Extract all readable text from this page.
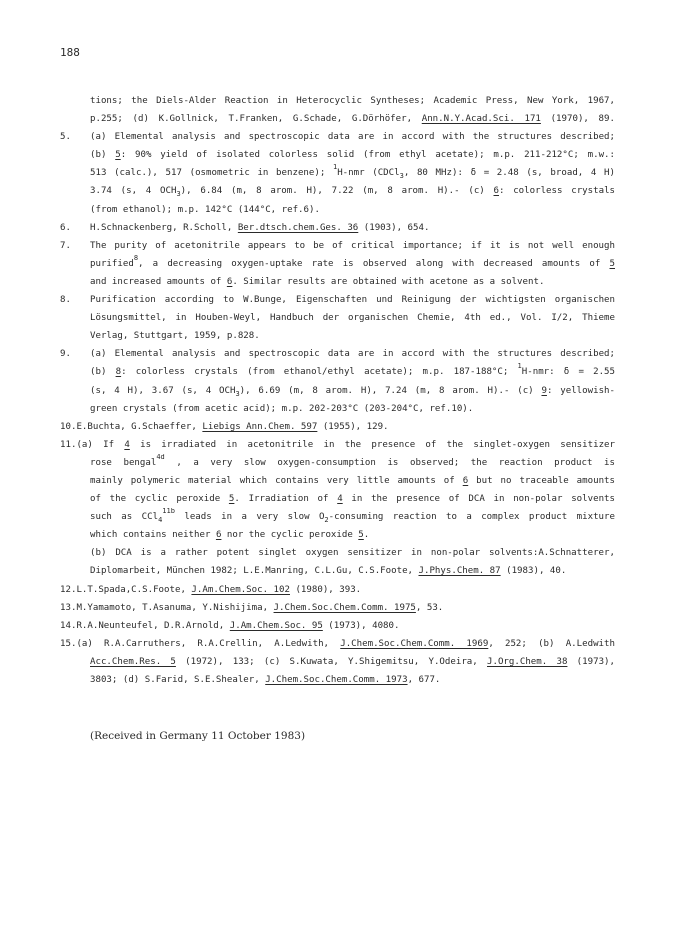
188
tions; the Diels-Alder Reaction in Heterocyclic Syntheses; Academic Press, New York, 1967,
p.255; (d) K.Gollnick, T.Franken, G.Schade, G.Dörhöfer, Ann.N.Y.Acad.Sci. 171 (1970), 89.
5.	(a) Elemental analysis and spectroscopic data are in accord with the structures described;
(b) 5: 90% yield of isolated colorless solid (from ethyl acetate); m.p. 211-212°C; m.w.:
513 (calc.), 517 (osmometric in benzene); $^1$H-nmr (CDCl$_3$, 80 MHz): δ = 2.48 (s, broad, 4 H)
3.74 (s, 4 $OCH_3$), 6.84 (m, 8 arom. H), 7.22 (m, 8 arom. H).- (c) 6: colorless crystals
(from ethanol); m.p. 142°C (144°C, ref.6).
6.	H.Schnackenberg, R.Scholl, Ber.dtsch.chem.Ges. 36 (1903), 654.
7.	The purity of acetonitrile appears to be of critical importance; if it is not well enough
purified$^8$, a decreasing oxygen-uptake rate is observed along with decreased amounts of 5
and increased amounts of 6. Similar results are obtained with acetone as a solvent.
8.	Purification according to W.Bunge, Eigenschaften und Reinigung der wichtigsten organischen
Lösungsmittel, in Houben-Weyl, Handbuch der organischen Chemie, 4th ed., Vol. I/2, Thieme
Verlag, Stuttgart, 1959, p.828.
9.	(a) Elemental analysis and spectroscopic data are in accord with the structures described;
(b) 8: colorless crystals (from ethanol/ethyl acetate); m.p. 187-188°C; $^1$H-nmr: δ = 2.55
(s, 4 H), 3.67 (s, 4 $OCH_3$), 6.69 (m, 8 arom. H), 7.24 (m, 8 arom. H).- (c) 9: yellowish-
green crystals (from acetic acid); m.p. 202-203°C (203-204°C, ref.10).
10. E.Buchta, G.Schaeffer, Liebigs Ann.Chem. 597 (1955), 129.
11. (a) If 4 is irradiated in acetonitrile in the presence of the singlet-oxygen sensitizer
rose bengal$^{4d}$ , a very slow oxygen-consumption is observed; the reaction product is
mainly polymeric material which contains very little amounts of 6 but no traceable amounts
of the cyclic peroxide 5. Irradiation of 4 in the presence of DCA in non-polar solvents
such as CCl$_4^{11b}$ leads in a very slow $O_2$-consuming reaction to a complex product mixture
which contains neither 6 nor the cyclic peroxide 5.
(b) DCA is a rather potent singlet oxygen sensitizer in non-polar solvents:A.Schnatterer,
Diplomarbeit, München 1982; L.E.Manring, C.L.Gu, C.S.Foote, J.Phys.Chem. 87 (1983), 40.
12. L.T.Spada,C.S.Foote, J.Am.Chem.Soc. 102 (1980), 393.
13. M.Yamamoto, T.Asanuma, Y.Nishijima, J.Chem.Soc.Chem.Comm. 1975, 53.
14. R.A.Neunteufel, D.R.Arnold, J.Am.Chem.Soc. 95 (1973), 4080.
15. (a) R.A.Carruthers, R.A.Crellin, A.Ledwith, J.Chem.Soc.Chem.Comm. 1969, 252; (b) A.Ledwith
Acc.Chem.Res. 5 (1972), 133; (c) S.Kuwata, Y.Shigemitsu, Y.Odeira, J.Org.Chem. 38 (1973),
3803; (d) S.Farid, S.E.Shealer, J.Chem.Soc.Chem.Comm. 1973, 677.
(Received in Germany 11 October 1983)
